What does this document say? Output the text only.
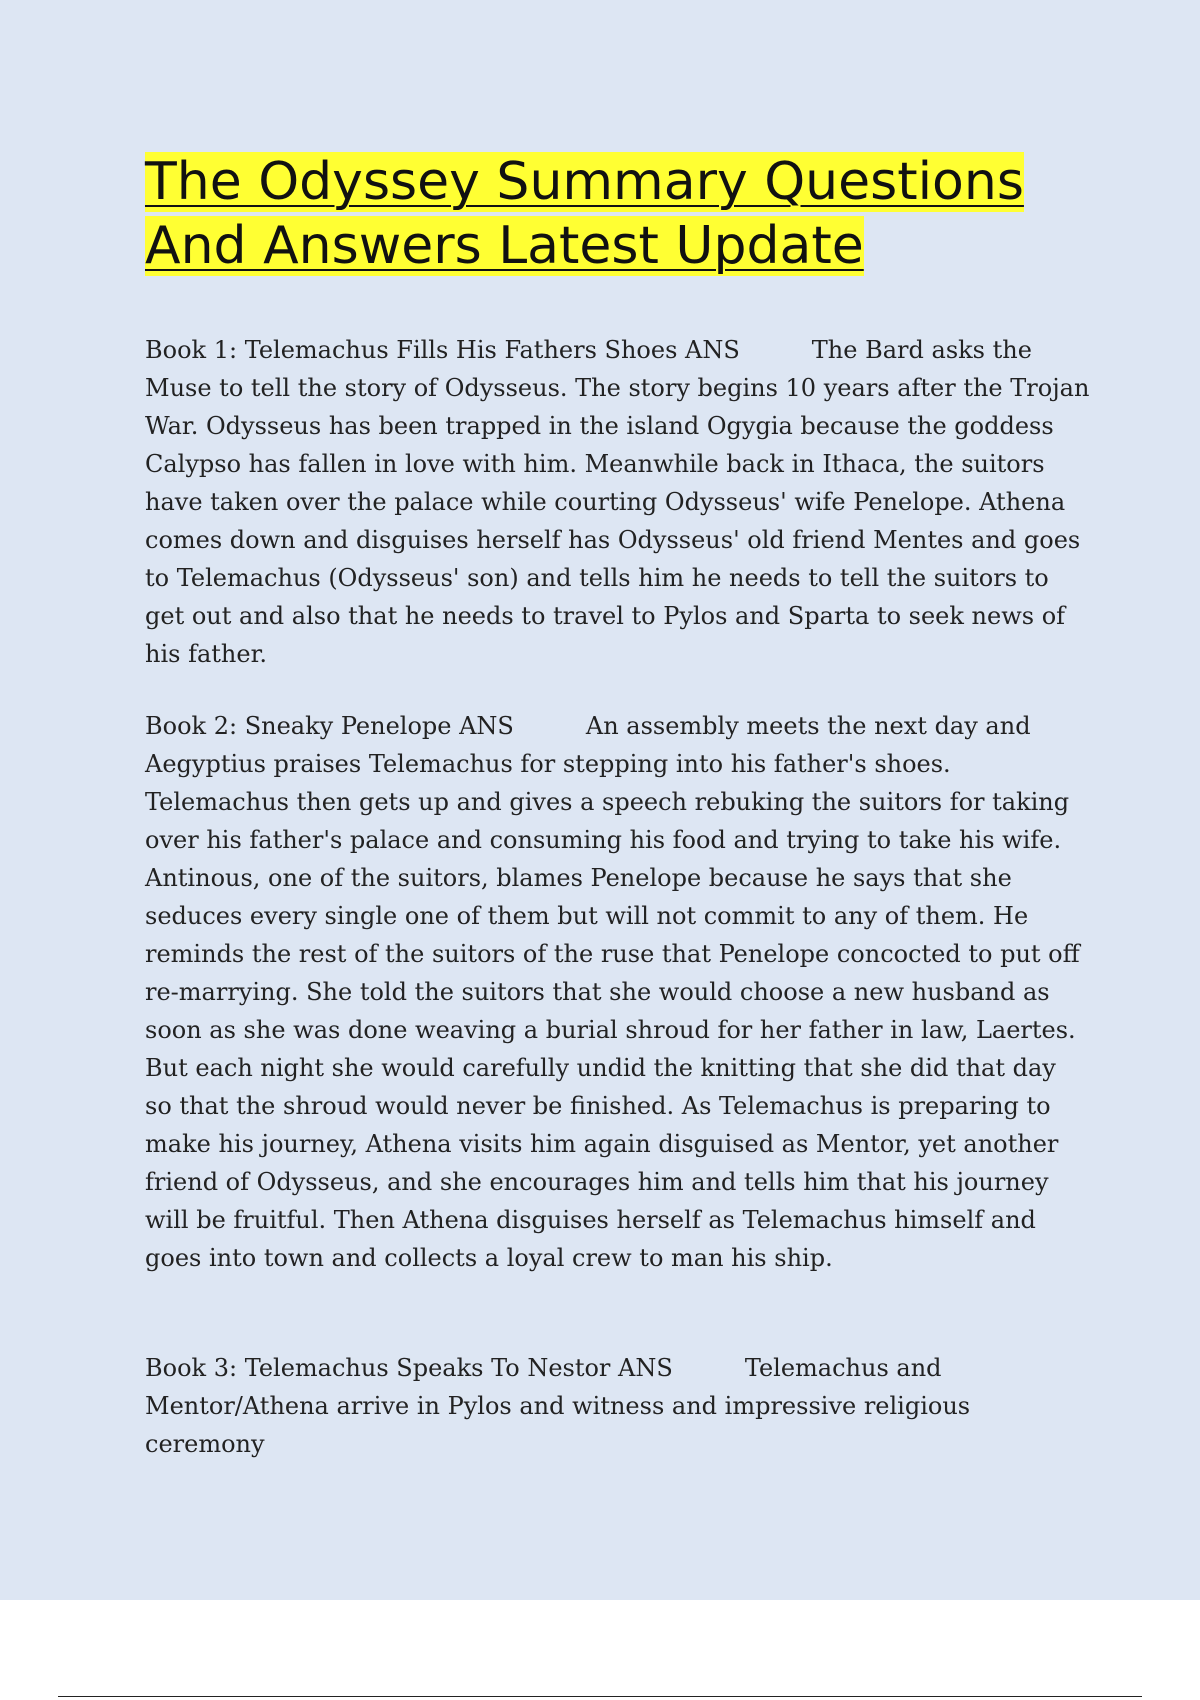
The Odyssey Summary Questions
And Answers Latest Update

Book 1: Telemachus Fills His Fathers Shoes ANS	The Bard asks the Muse to tell the story of Odysseus. The story begins 10 years after the Trojan War. Odysseus has been trapped in the island Ogygia because the goddess Calypso has fallen in love with him. Meanwhile back in Ithaca, the suitors have taken over the palace while courting Odysseus' wife Penelope. Athena comes down and disguises herself has Odysseus' old friend Mentes and goes to Telemachus (Odysseus' son) and tells him he needs to tell the suitors to get out and also that he needs to travel to Pylos and Sparta to seek news of his father.

Book 2: Sneaky Penelope ANS	An assembly meets the next day and Aegyptius praises Telemachus for stepping into his father's shoes. Telemachus then gets up and gives a speech rebuking the suitors for taking over his father's palace and consuming his food and trying to take his wife. Antinous, one of the suitors, blames Penelope because he says that she seduces every single one of them but will not commit to any of them. He reminds the rest of the suitors of the ruse that Penelope concocted to put off re-marrying. She told the suitors that she would choose a new husband as soon as she was done weaving a burial shroud for her father in law, Laertes. But each night she would carefully undid the knitting that she did that day so that the shroud would never be finished. As Telemachus is preparing to make his journey, Athena visits him again disguised as Mentor, yet another friend of Odysseus, and she encourages him and tells him that his journey will be fruitful. Then Athena disguises herself as Telemachus himself and goes into town and collects a loyal crew to man his ship.

Book 3: Telemachus Speaks To Nestor ANS	Telemachus and Mentor/Athena arrive in Pylos and witness and impressive religious ceremony
